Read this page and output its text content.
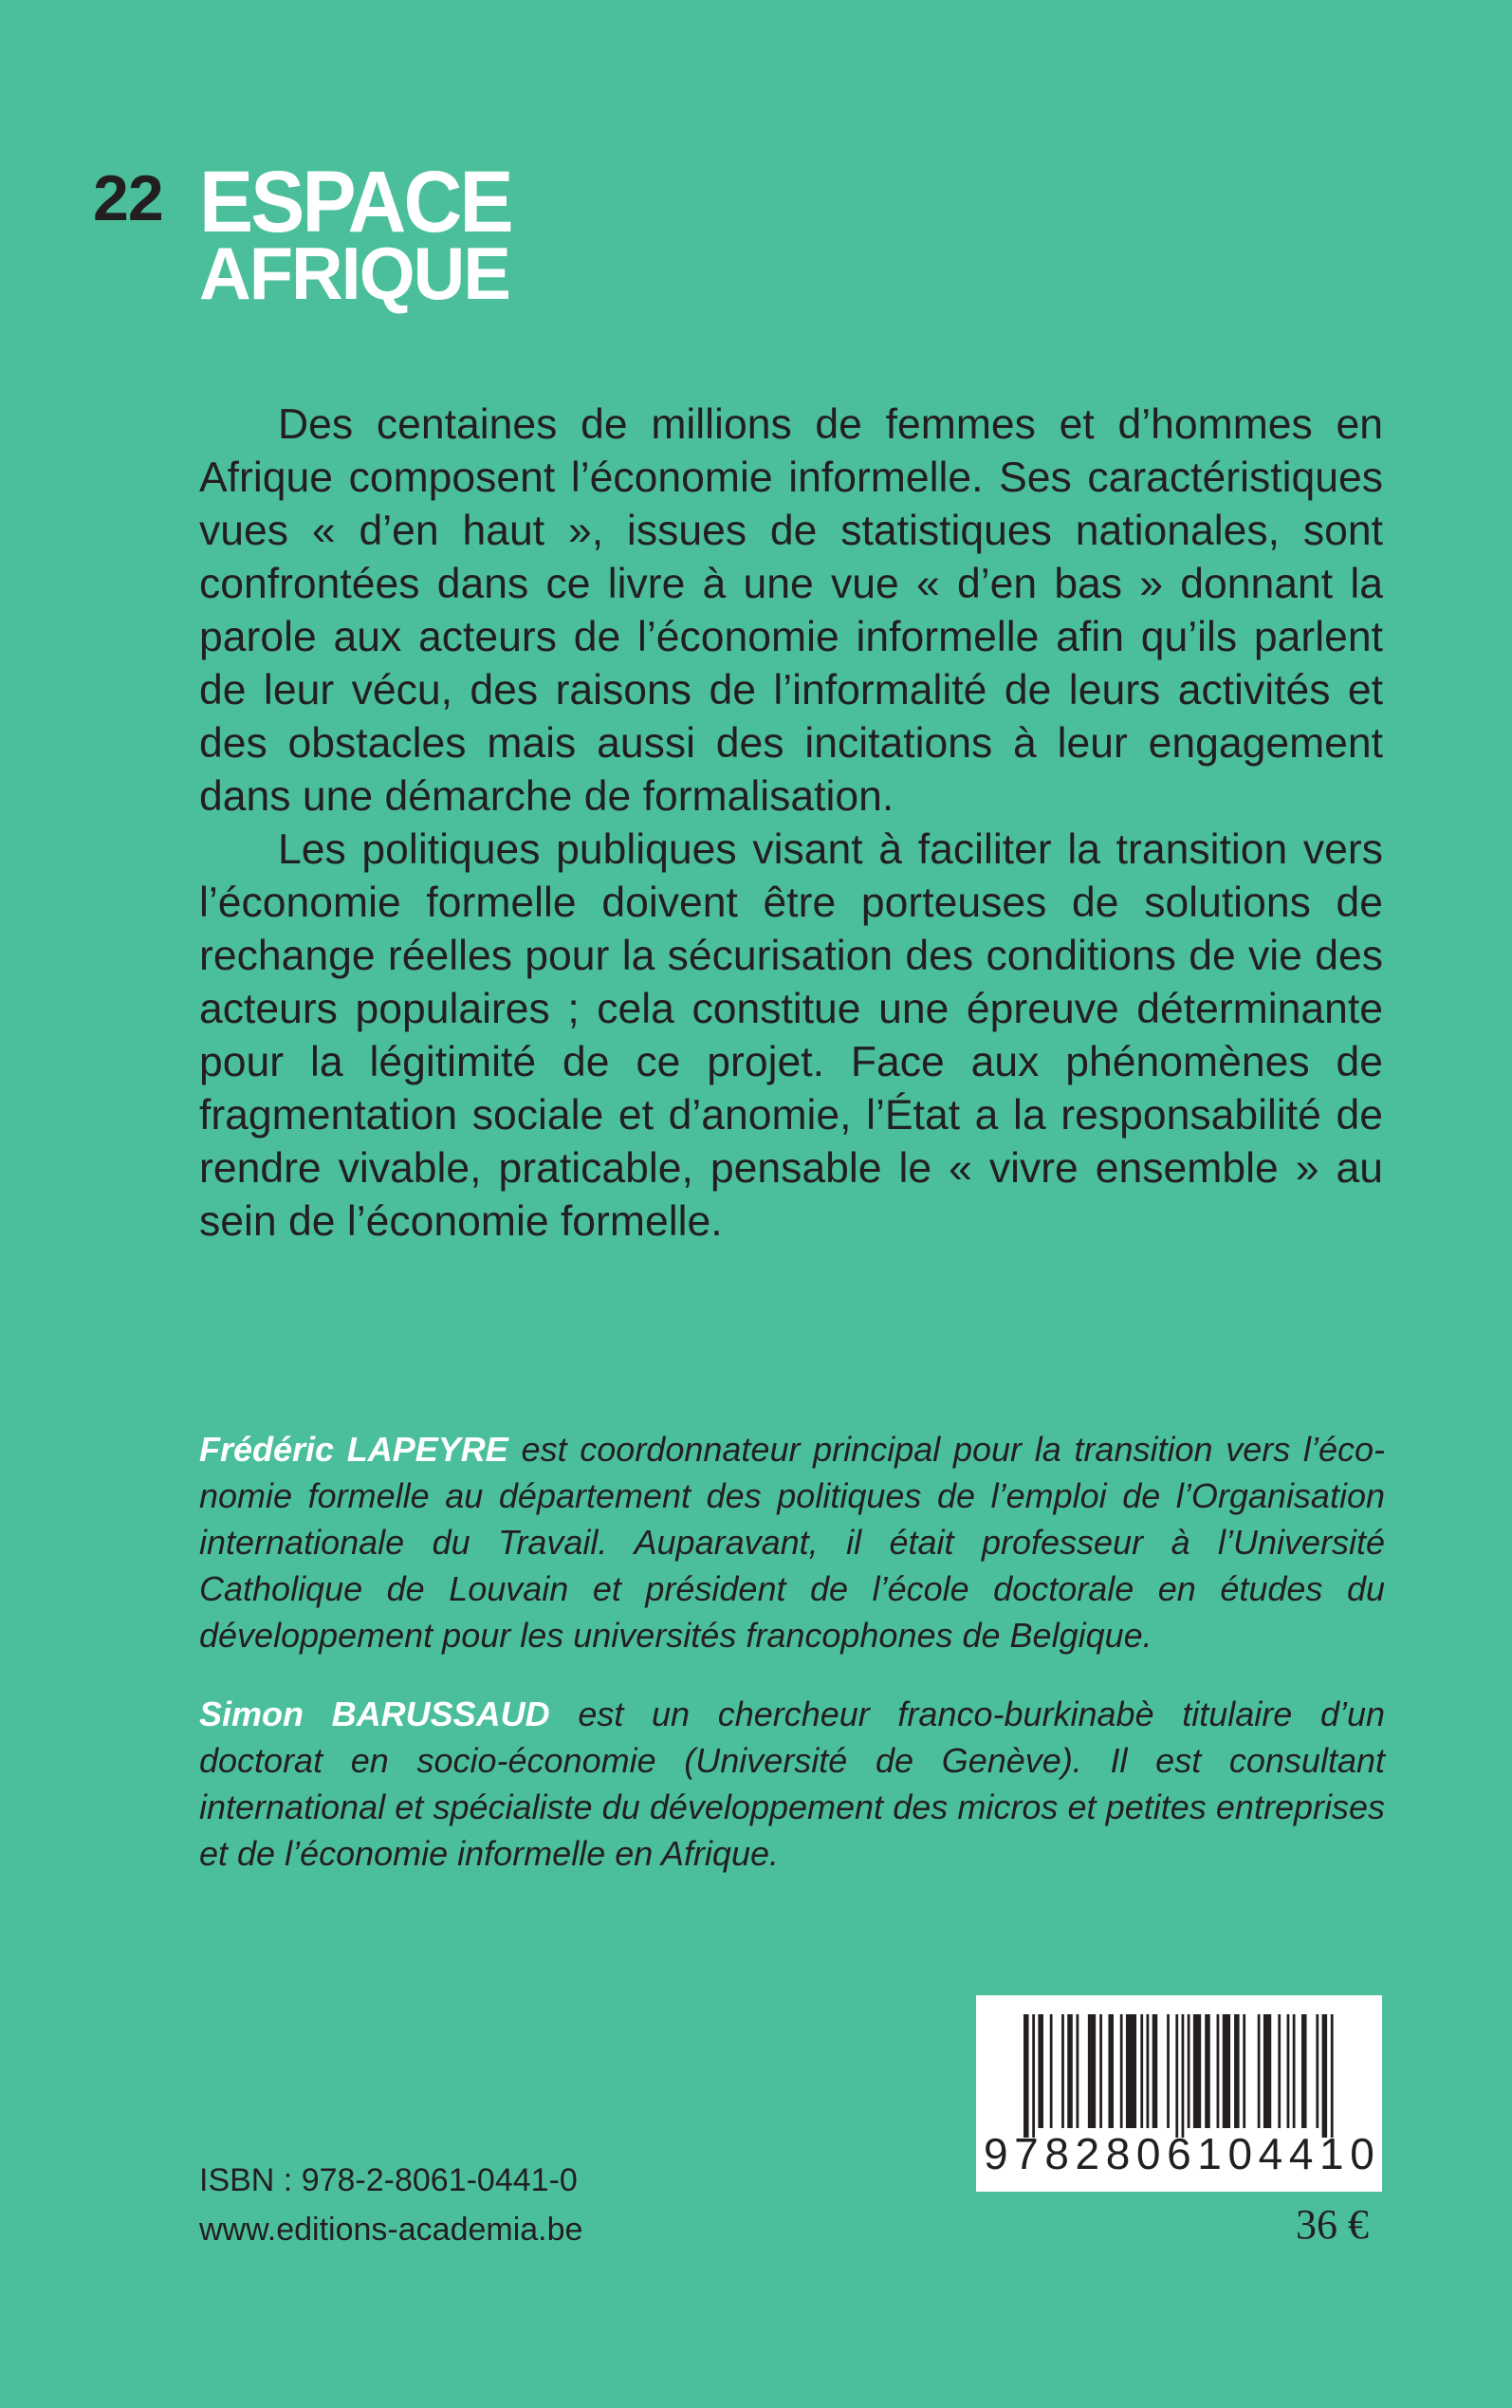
22 ESPACE
AFRIQUE

Des centaines de millions de femmes et d’hommes en Afrique composent l’économie informelle. Ses caractéristiques vues « d’en haut », issues de statistiques nationales, sont confrontées dans ce livre à une vue « d’en bas » donnant la parole aux acteurs de l’économie informelle afin qu’ils parlent de leur vécu, des raisons de l’informalité de leurs activités et des obstacles mais aussi des incitations à leur engagement dans une démarche de formalisation.

Les politiques publiques visant à faciliter la transition vers l’économie formelle doivent être porteuses de solutions de rechange réelles pour la sécurisation des conditions de vie des acteurs populaires ; cela constitue une épreuve déterminante pour la légitimité de ce projet. Face aux phénomènes de fragmentation sociale et d’anomie, l’État a la responsabilité de rendre vivable, praticable, pensable le « vivre ensemble » au sein de l’économie formelle.

Frédéric LAPEYRE est coordonnateur principal pour la transition vers l’économie formelle au département des politiques de l’emploi de l’Organisation internationale du Travail. Auparavant, il était professeur à l’Université Catholique de Louvain et président de l’école doctorale en études du développement pour les universités francophones de Belgique.

Simon BARUSSAUD est un chercheur franco-burkinabè titulaire d’un doctorat en socio-économie (Université de Genève). Il est consultant international et spécialiste du développement des micros et petites entreprises et de l’économie informelle en Afrique.

9782806104410
ISBN : 978-2-8061-0441-0
www.editions-academia.be	36 €
